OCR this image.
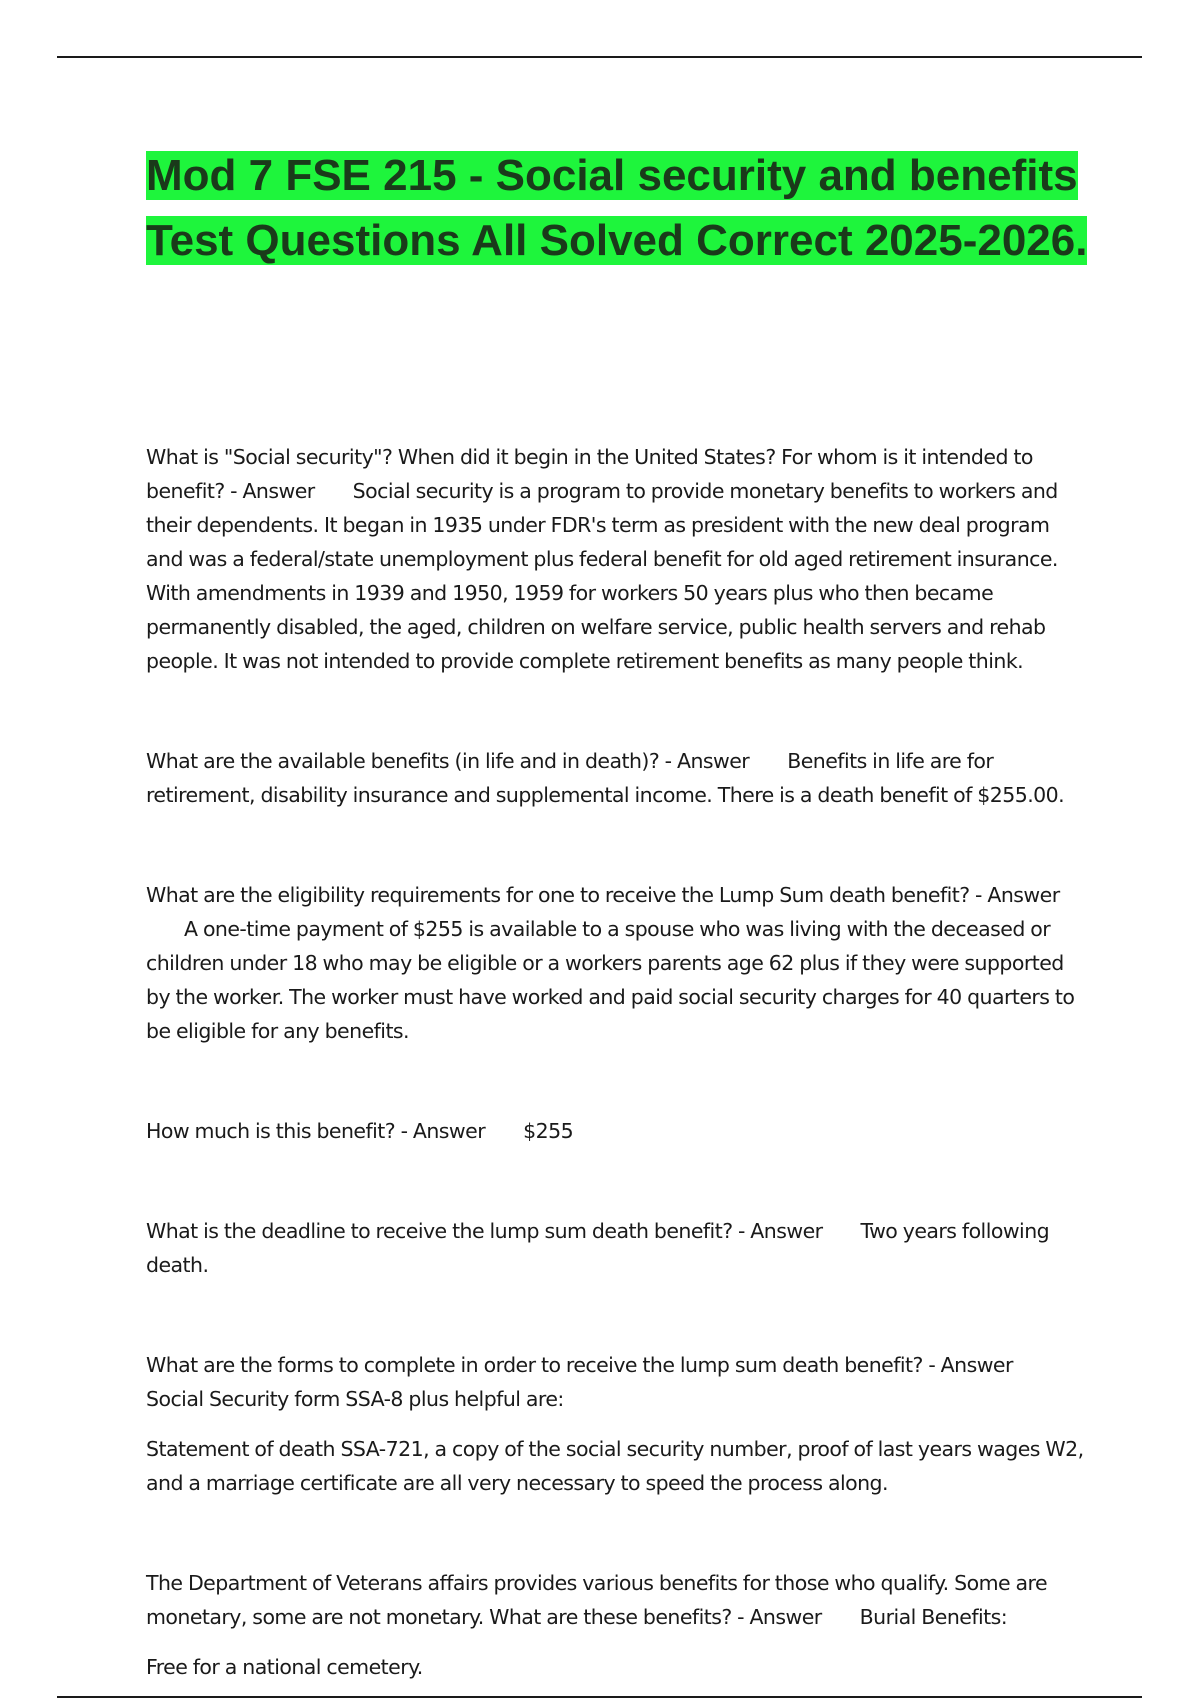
Mod 7 FSE 215 - Social security and benefits Test Questions All Solved Correct 2025-2026.

What is "Social security"? When did it begin in the United States? For whom is it intended to benefit? - Answer Social security is a program to provide monetary benefits to workers and their dependents. It began in 1935 under FDR's term as president with the new deal program and was a federal/state unemployment plus federal benefit for old aged retirement insurance. With amendments in 1939 and 1950, 1959 for workers 50 years plus who then became permanently disabled, the aged, children on welfare service, public health servers and rehab people. It was not intended to provide complete retirement benefits as many people think.

What are the available benefits (in life and in death)? - Answer Benefits in life are for retirement, disability insurance and supplemental income. There is a death benefit of $255.00.

What are the eligibility requirements for one to receive the Lump Sum death benefit? - AnswerA one-time payment of $255 is available to a spouse who was living with the deceased or children under 18 who may be eligible or a workers parents age 62 plus if they were supported by the worker. The worker must have worked and paid social security charges for 40 quarters to be eligible for any benefits.

How much is this benefit? - Answer $255

What is the deadline to receive the lump sum death benefit? - Answer Two years following death.

What are the forms to complete in order to receive the lump sum death benefit? - AnswerSocial Security form SSA-8 plus helpful are:

Statement of death SSA-721, a copy of the social security number, proof of last years wages W2, and a marriage certificate are all very necessary to speed the process along.

The Department of Veterans affairs provides various benefits for those who qualify. Some are monetary, some are not monetary. What are these benefits? - Answer Burial Benefits:

Free for a national cemetery.
